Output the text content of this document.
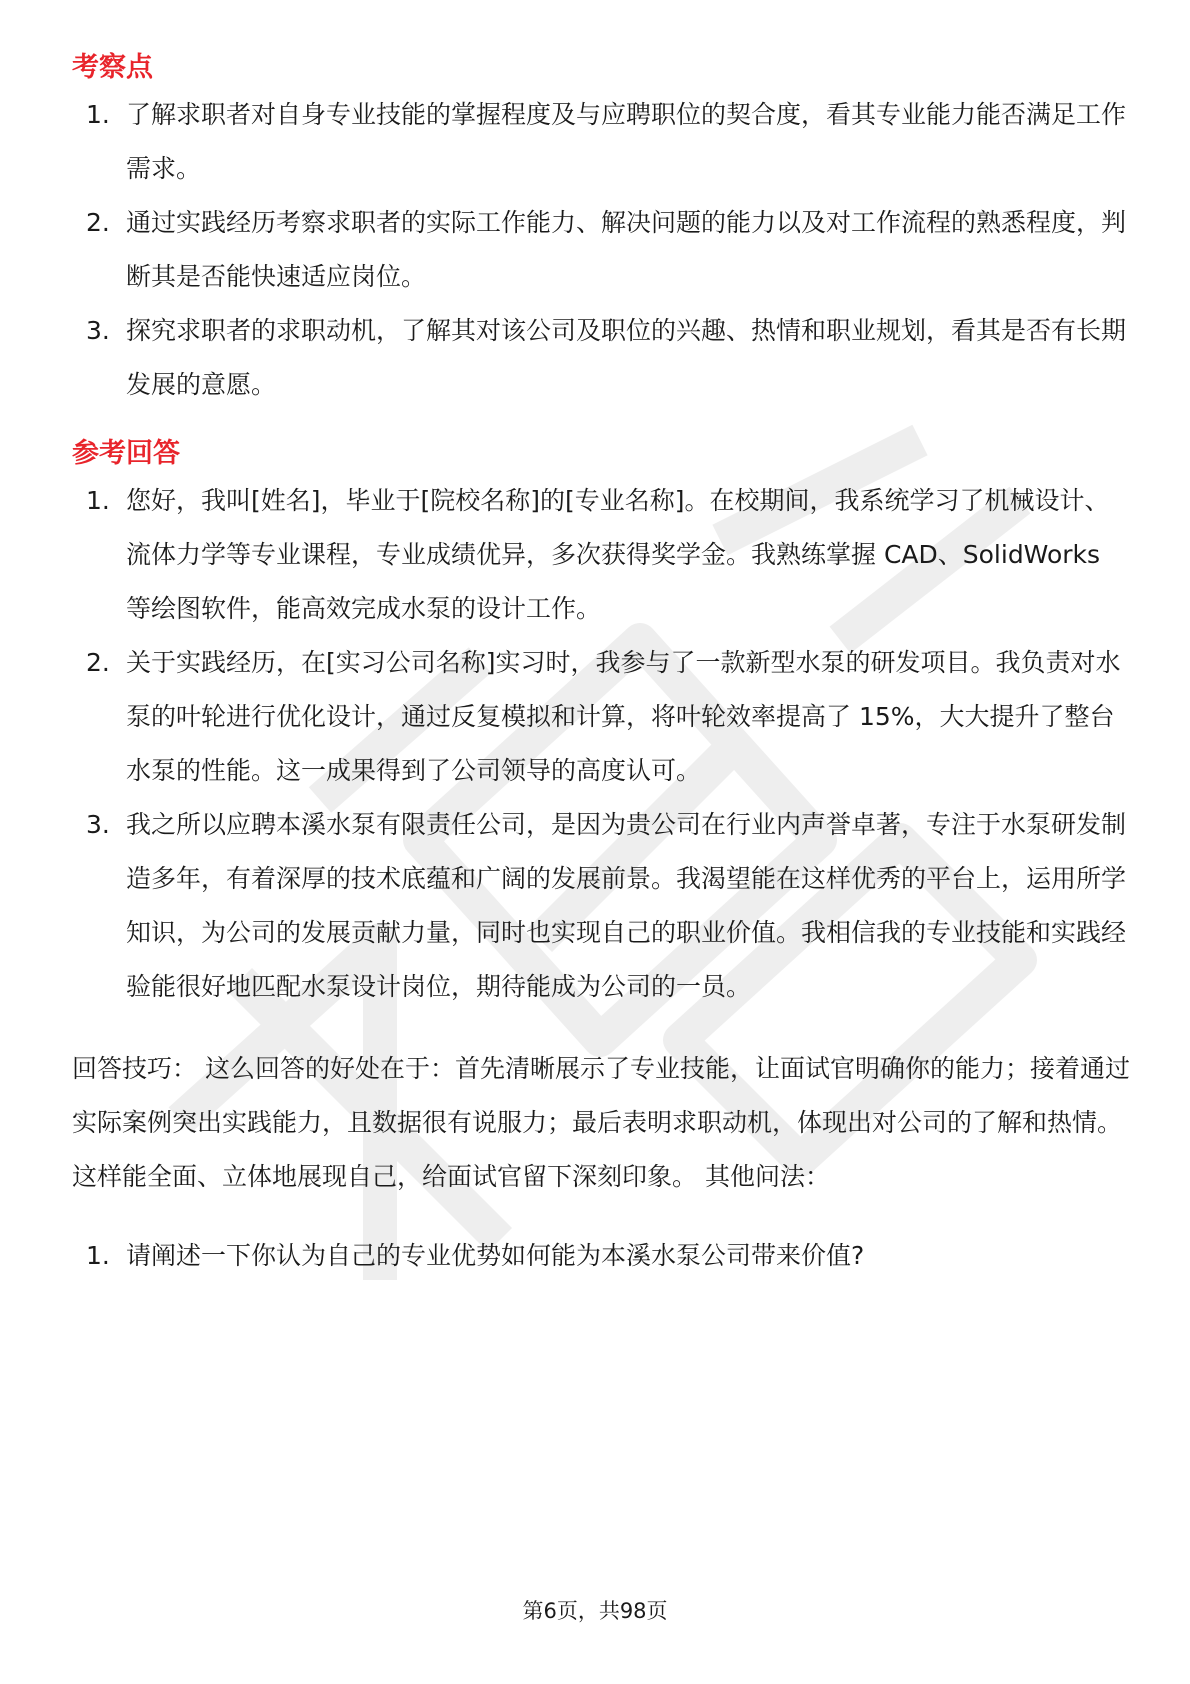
考察点
1. 了解求职者对自身专业技能的掌握程度及与应聘职位的契合度，看其专业能力能否满足工作需求。
2. 通过实践经历考察求职者的实际工作能力、解决问题的能力以及对工作流程的熟悉程度，判断其是否能快速适应岗位。
3. 探究求职者的求职动机，了解其对该公司及职位的兴趣、热情和职业规划，看其是否有长期发展的意愿。
参考回答
1. 您好，我叫[姓名]，毕业于[院校名称]的[专业名称]。在校期间，我系统学习了机械设计、流体力学等专业课程，专业成绩优异，多次获得奖学金。我熟练掌握 CAD、SolidWorks 等绘图软件，能高效完成水泵的设计工作。
2. 关于实践经历，在[实习公司名称]实习时，我参与了一款新型水泵的研发项目。我负责对水泵的叶轮进行优化设计，通过反复模拟和计算，将叶轮效率提高了 15%，大大提升了整台水泵的性能。这一成果得到了公司领导的高度认可。
3. 我之所以应聘本溪水泵有限责任公司，是因为贵公司在行业内声誉卓著，专注于水泵研发制造多年，有着深厚的技术底蕴和广阔的发展前景。我渴望能在这样优秀的平台上，运用所学知识，为公司的发展贡献力量，同时也实现自己的职业价值。我相信我的专业技能和实践经验能很好地匹配水泵设计岗位，期待能成为公司的一员。

回答技巧： 这么回答的好处在于：首先清晰展示了专业技能，让面试官明确你的能力；接着通过实际案例突出实践能力，且数据很有说服力；最后表明求职动机，体现出对公司的了解和热情。这样能全面、立体地展现自己，给面试官留下深刻印象。 其他问法：

1. 请阐述一下你认为自己的专业优势如何能为本溪水泵公司带来价值?
第6页，共98页
